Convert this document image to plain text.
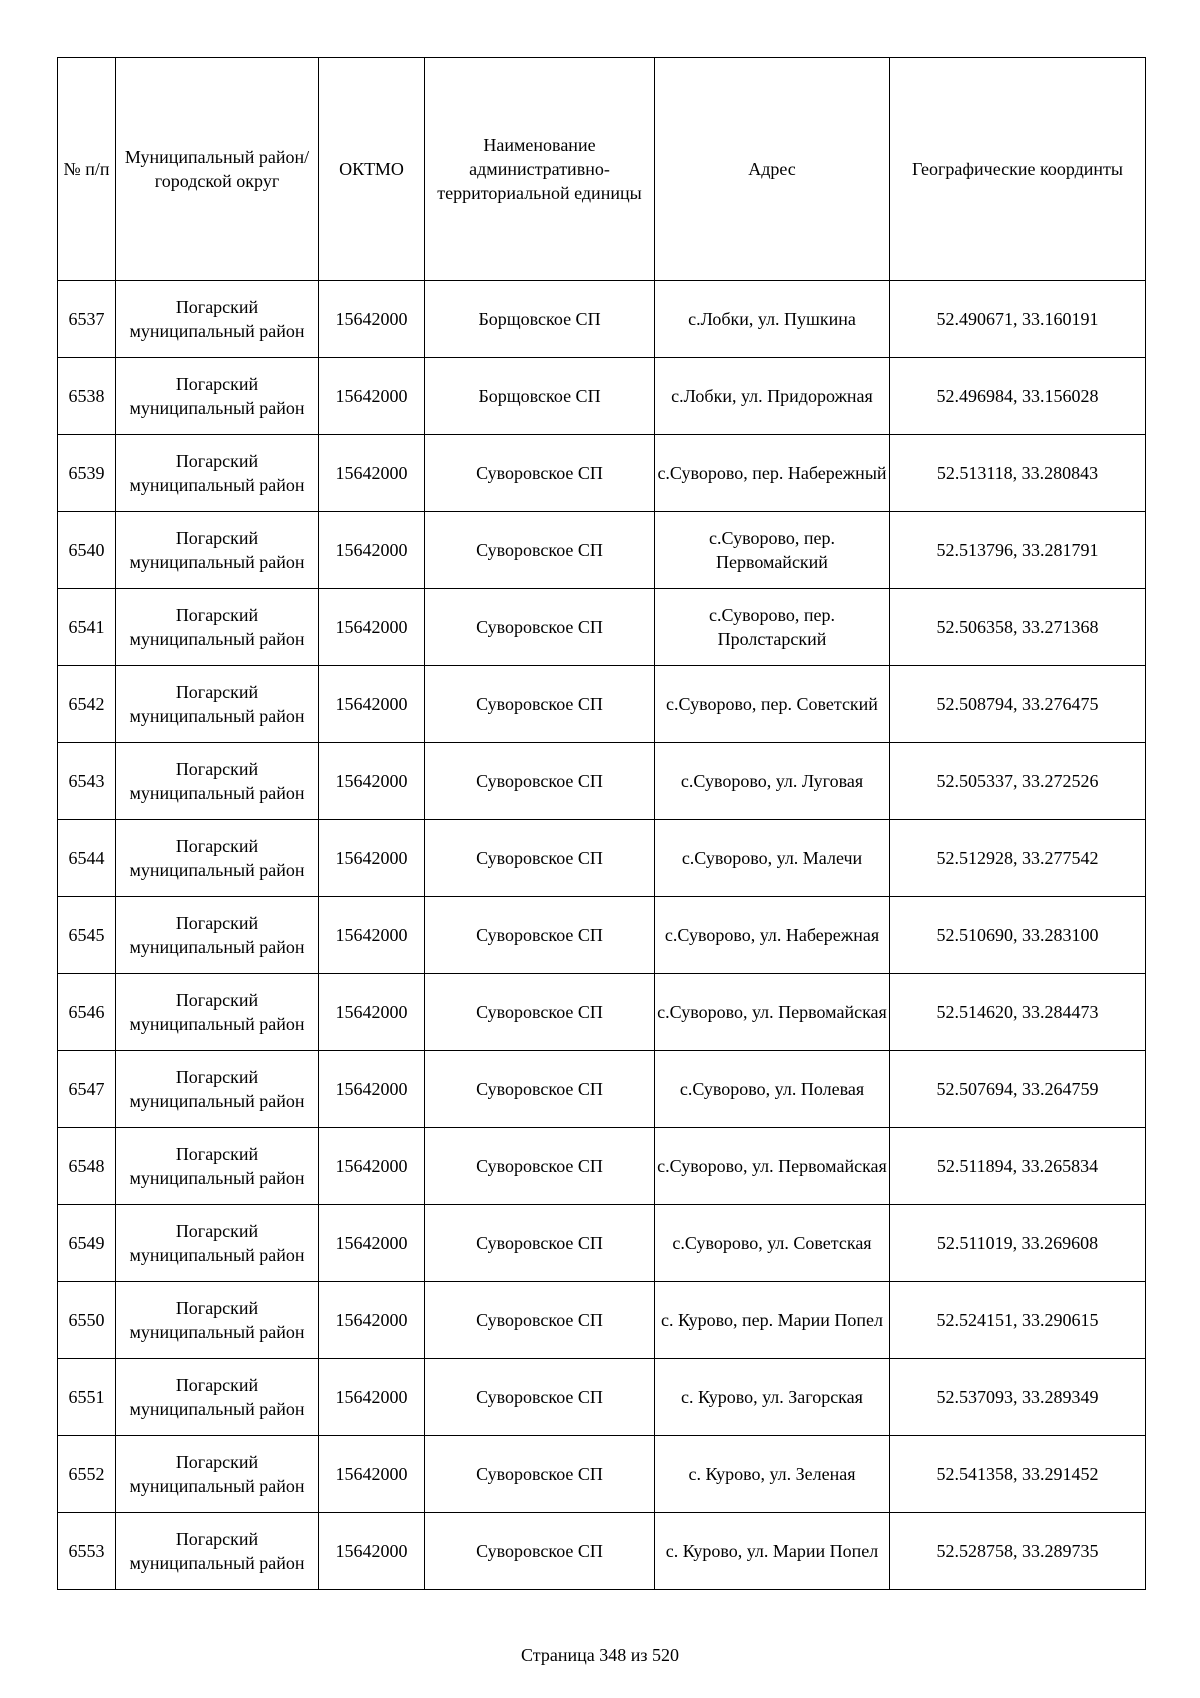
№ п/п	Муниципальный район/городской округ	ОКТМО	Наименование административно-территориальной единицы	Адрес	Географические координты
6537	Погарский муниципальный район	15642000	Борщовское СП	с.Лобки, ул. Пушкина	52.490671, 33.160191
6538	Погарский муниципальный район	15642000	Борщовское СП	с.Лобки, ул. Придорожная	52.496984, 33.156028
6539	Погарский муниципальный район	15642000	Суворовское СП	с.Суворово, пер. Набережный	52.513118, 33.280843
6540	Погарский муниципальный район	15642000	Суворовское СП	с.Суворово, пер. Первомайский	52.513796, 33.281791
6541	Погарский муниципальный район	15642000	Суворовское СП	с.Суворово, пер. Пролстарский	52.506358, 33.271368
6542	Погарский муниципальный район	15642000	Суворовское СП	с.Суворово, пер. Советский	52.508794, 33.276475
6543	Погарский муниципальный район	15642000	Суворовское СП	с.Суворово, ул. Луговая	52.505337, 33.272526
6544	Погарский муниципальный район	15642000	Суворовское СП	с.Суворово, ул. Малечи	52.512928, 33.277542
6545	Погарский муниципальный район	15642000	Суворовское СП	с.Суворово, ул. Набережная	52.510690, 33.283100
6546	Погарский муниципальный район	15642000	Суворовское СП	с.Суворово, ул. Первомайская	52.514620, 33.284473
6547	Погарский муниципальный район	15642000	Суворовское СП	с.Суворово, ул. Полевая	52.507694, 33.264759
6548	Погарский муниципальный район	15642000	Суворовское СП	с.Суворово, ул. Первомайская	52.511894, 33.265834
6549	Погарский муниципальный район	15642000	Суворовское СП	с.Суворово, ул. Советская	52.511019, 33.269608
6550	Погарский муниципальный район	15642000	Суворовское СП	с. Курово, пер. Марии Попел	52.524151, 33.290615
6551	Погарский муниципальный район	15642000	Суворовское СП	с. Курово, ул. Загорская	52.537093, 33.289349
6552	Погарский муниципальный район	15642000	Суворовское СП	с. Курово, ул. Зеленая	52.541358, 33.291452
6553	Погарский муниципальный район	15642000	Суворовское СП	с. Курово, ул. Марии Попел	52.528758, 33.289735
Страница 348 из 520
